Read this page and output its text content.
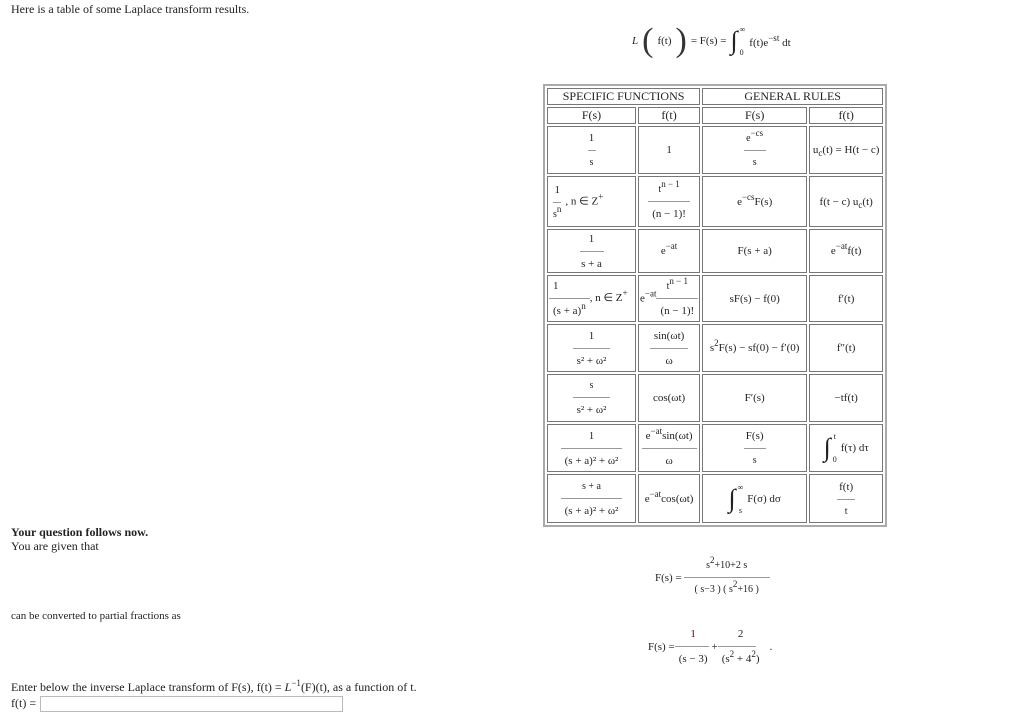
Here is a table of some Laplace transform results.
L ( f(t) ) = F(s) = ∫ ∞
0
$f(t)e^{-st}$ dt
SPECIFIC FUNCTIONS		GENERAL RULES	
F(s)	f(t)	F(s)	f(t)

$\frac{1}{s}$	1	$\frac{e^{-cs}}{s}$	$u_c(t) = H(t - c)$

$\frac{1}{s^n}$ , n ∈ Z+	$\frac{t^{n - 1}}{(n - 1)!}$	$e^{-cs}F(s)$	f(t − c) $u_c(t)$

$\frac{1}{s + a}$	$e^{-at}$	F(s + a)	$e^{-at}f(t)$

$\frac{1}{(s + a)^n}$ , n ∈ Z+	$e^{-at} \frac{t^{n - 1}}{(n - 1)!}$	sF(s) − f(0)	f′(t)

$\frac{1}{\text{s² + ω²}}$	$\frac{\sin(\omega t)}{\omega}$	$s^2F(s) - sf(0) - f'(0)$	f″(t)

$\frac{s}{\text{s² + ω²}}$	cos(ωt)	F′(s)	−tf(t)

$\frac{1}{\text{(s + a)² + ω²}}$	$\frac{e^{-at}\sin(\omega t)}{\omega}$	$\frac{F(s)}{s}$	∫ t
0
f(τ) dτ

$\frac{s + a}{\text{(s + a)² + ω²}}$	$e^{-at}\cos(\omega t)$	∫ ∞
s
F(σ) dσ	$\frac{f(t)}{t}$
Your question follows now.
You are given that
$F(s) = \frac{s^2+10+2 s}{( s-3 ) ( s^2+16 )}$
can be converted to partial fractions as
$F(s) = \frac{1}{(s - 3)} + \frac{2}{(s^2 + 4^2)}$ .
Enter below the inverse Laplace transform of F(s), $f(t) = L^{-1}(F)(t)$, as a function of t.
f(t) =
